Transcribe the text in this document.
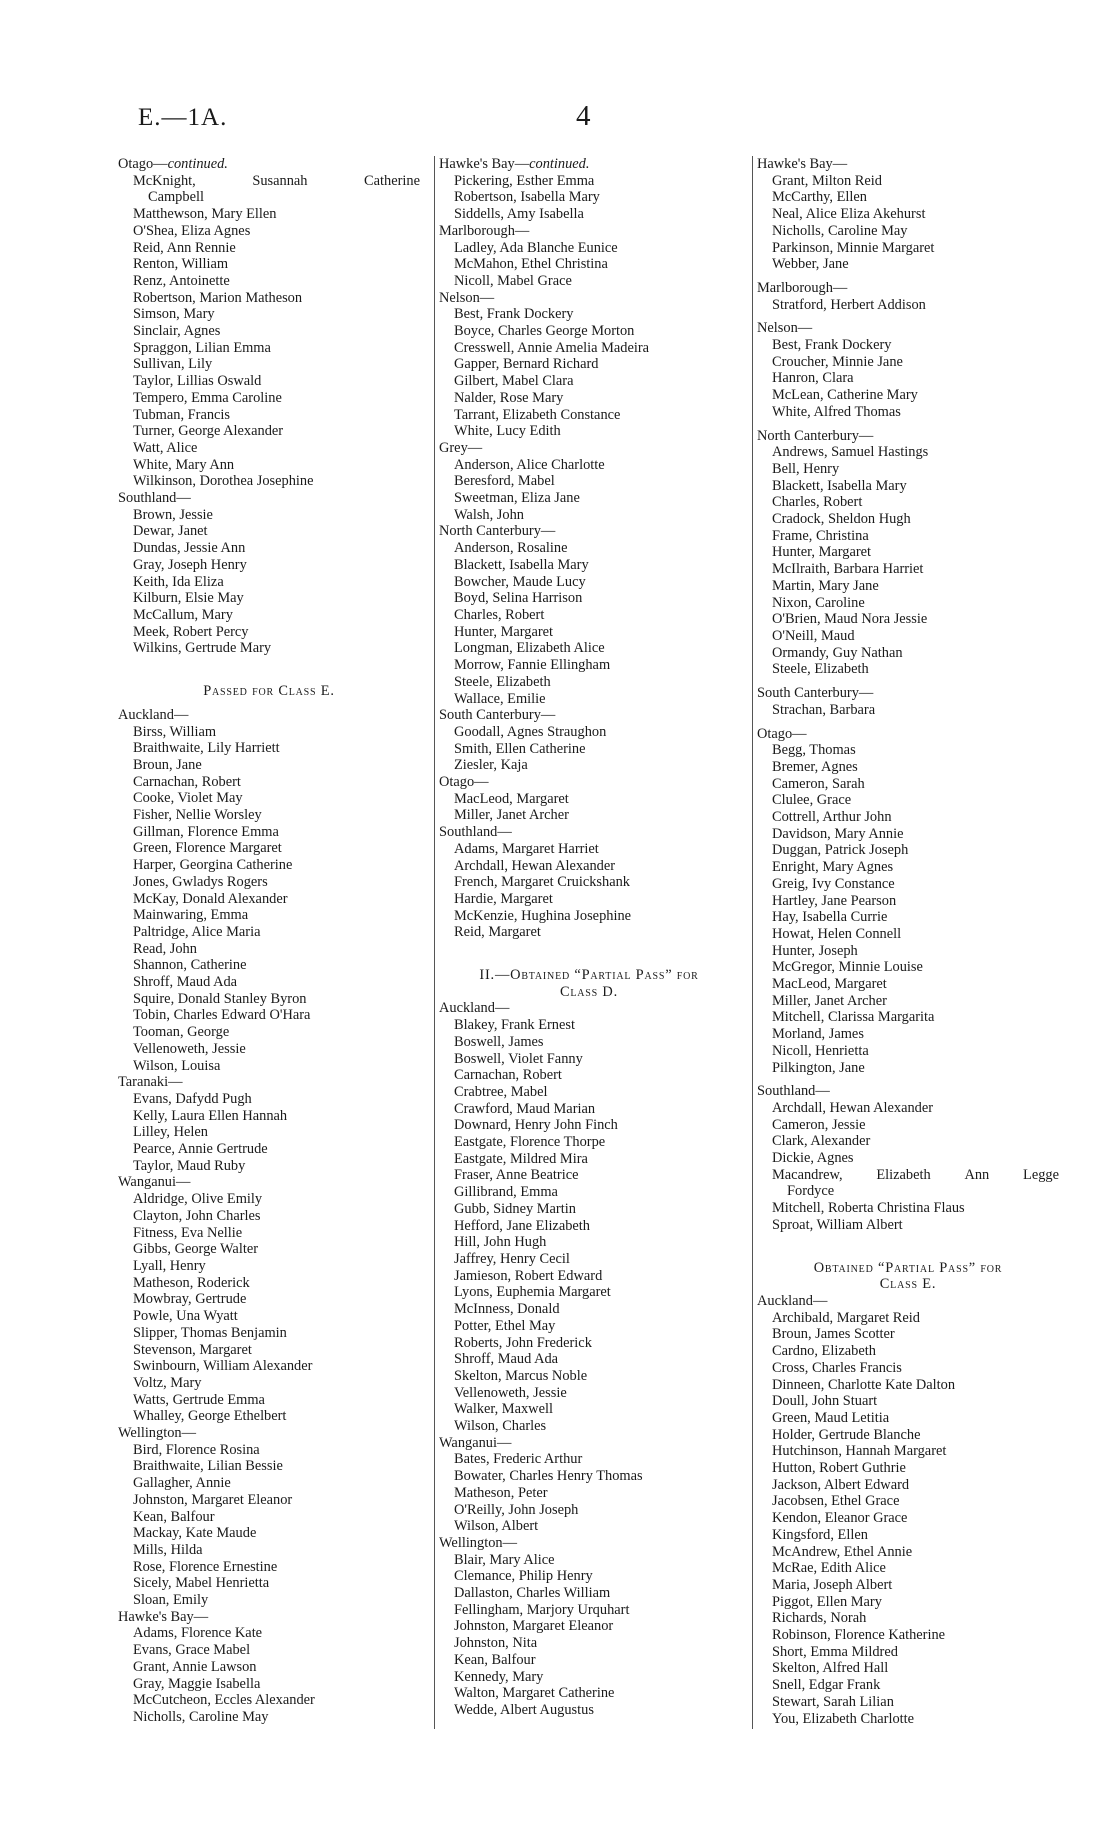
E.—1A.	4
Otago—continued.
McKnight,	Susannah	Catherine
Campbell
Matthewson, Mary Ellen
O'Shea, Eliza Agnes
Reid, Ann Rennie
Renton, William
Renz, Antoinette
Robertson, Marion Matheson
Simson, Mary
Sinclair, Agnes
Spraggon, Lilian Emma
Sullivan, Lily
Taylor, Lillias Oswald
Tempero, Emma Caroline
Tubman, Francis
Turner, George Alexander
Watt, Alice
White, Mary Ann
Wilkinson, Dorothea Josephine
Southland—
Brown, Jessie
Dewar, Janet
Dundas, Jessie Ann
Gray, Joseph Henry
Keith, Ida Eliza
Kilburn, Elsie May
McCallum, Mary
Meek, Robert Percy
Wilkins, Gertrude Mary
Passed for Class E.
Auckland—
Birss, William
Braithwaite, Lily Harriett
Broun, Jane
Carnachan, Robert
Cooke, Violet May
Fisher, Nellie Worsley
Gillman, Florence Emma
Green, Florence Margaret
Harper, Georgina Catherine
Jones, Gwladys Rogers
McKay, Donald Alexander
Mainwaring, Emma
Paltridge, Alice Maria
Read, John
Shannon, Catherine
Shroff, Maud Ada
Squire, Donald Stanley Byron
Tobin, Charles Edward O'Hara
Tooman, George
Vellenoweth, Jessie
Wilson, Louisa
Taranaki—
Evans, Dafydd Pugh
Kelly, Laura Ellen Hannah
Lilley, Helen
Pearce, Annie Gertrude
Taylor, Maud Ruby
Wanganui—
Aldridge, Olive Emily
Clayton, John Charles
Fitness, Eva Nellie
Gibbs, George Walter
Lyall, Henry
Matheson, Roderick
Mowbray, Gertrude
Powle, Una Wyatt
Slipper, Thomas Benjamin
Stevenson, Margaret
Swinbourn, William Alexander
Voltz, Mary
Watts, Gertrude Emma
Whalley, George Ethelbert
Wellington—
Bird, Florence Rosina
Braithwaite, Lilian Bessie
Gallagher, Annie
Johnston, Margaret Eleanor
Kean, Balfour
Mackay, Kate Maude
Mills, Hilda
Rose, Florence Ernestine
Sicely, Mabel Henrietta
Sloan, Emily
Hawke's Bay—
Adams, Florence Kate
Evans, Grace Mabel
Grant, Annie Lawson
Gray, Maggie Isabella
McCutcheon, Eccles Alexander
Nicholls, Caroline May
Hawke's Bay—continued.
Pickering, Esther Emma
Robertson, Isabella Mary
Siddells, Amy Isabella
Marlborough—
Ladley, Ada Blanche Eunice
McMahon, Ethel Christina
Nicoll, Mabel Grace
Nelson—
Best, Frank Dockery
Boyce, Charles George Morton
Cresswell, Annie Amelia Madeira
Gapper, Bernard Richard
Gilbert, Mabel Clara
Nalder, Rose Mary
Tarrant, Elizabeth Constance
White, Lucy Edith
Grey—
Anderson, Alice Charlotte
Beresford, Mabel
Sweetman, Eliza Jane
Walsh, John
North Canterbury—
Anderson, Rosaline
Blackett, Isabella Mary
Bowcher, Maude Lucy
Boyd, Selina Harrison
Charles, Robert
Hunter, Margaret
Longman, Elizabeth Alice
Morrow, Fannie Ellingham
Steele, Elizabeth
Wallace, Emilie
South Canterbury—
Goodall, Agnes Straughon
Smith, Ellen Catherine
Ziesler, Kaja
Otago—
MacLeod, Margaret
Miller, Janet Archer
Southland—
Adams, Margaret Harriet
Archdall, Hewan Alexander
French, Margaret Cruickshank
Hardie, Margaret
McKenzie, Hughina Josephine
Reid, Margaret
II.—Obtained “Partial Pass” for
Class D.
Auckland—
Blakey, Frank Ernest
Boswell, James
Boswell, Violet Fanny
Carnachan, Robert
Crabtree, Mabel
Crawford, Maud Marian
Downard, Henry John Finch
Eastgate, Florence Thorpe
Eastgate, Mildred Mira
Fraser, Anne Beatrice
Gillibrand, Emma
Gubb, Sidney Martin
Hefford, Jane Elizabeth
Hill, John Hugh
Jaffrey, Henry Cecil
Jamieson, Robert Edward
Lyons, Euphemia Margaret
McInness, Donald
Potter, Ethel May
Roberts, John Frederick
Shroff, Maud Ada
Skelton, Marcus Noble
Vellenoweth, Jessie
Walker, Maxwell
Wilson, Charles
Wanganui—
Bates, Frederic Arthur
Bowater, Charles Henry Thomas
Matheson, Peter
O'Reilly, John Joseph
Wilson, Albert
Wellington—
Blair, Mary Alice
Clemance, Philip Henry
Dallaston, Charles William
Fellingham, Marjory Urquhart
Johnston, Margaret Eleanor
Johnston, Nita
Kean, Balfour
Kennedy, Mary
Walton, Margaret Catherine
Wedde, Albert Augustus
Hawke's Bay—
Grant, Milton Reid
McCarthy, Ellen
Neal, Alice Eliza Akehurst
Nicholls, Caroline May
Parkinson, Minnie Margaret
Webber, Jane
Marlborough—
Stratford, Herbert Addison
Nelson—
Best, Frank Dockery
Croucher, Minnie Jane
Hanron, Clara
McLean, Catherine Mary
White, Alfred Thomas
North Canterbury—
Andrews, Samuel Hastings
Bell, Henry
Blackett, Isabella Mary
Charles, Robert
Cradock, Sheldon Hugh
Frame, Christina
Hunter, Margaret
McIlraith, Barbara Harriet
Martin, Mary Jane
Nixon, Caroline
O'Brien, Maud Nora Jessie
O'Neill, Maud
Ormandy, Guy Nathan
Steele, Elizabeth
South Canterbury—
Strachan, Barbara
Otago—
Begg, Thomas
Bremer, Agnes
Cameron, Sarah
Clulee, Grace
Cottrell, Arthur John
Davidson, Mary Annie
Duggan, Patrick Joseph
Enright, Mary Agnes
Greig, Ivy Constance
Hartley, Jane Pearson
Hay, Isabella Currie
Howat, Helen Connell
Hunter, Joseph
McGregor, Minnie Louise
MacLeod, Margaret
Miller, Janet Archer
Mitchell, Clarissa Margarita
Morland, James
Nicoll, Henrietta
Pilkington, Jane
Southland—
Archdall, Hewan Alexander
Cameron, Jessie
Clark, Alexander
Dickie, Agnes
Macandrew, Elizabeth Ann Legge
Fordyce
Mitchell, Roberta Christina Flaus
Sproat, William Albert
Obtained “Partial Pass” for
Class E.
Auckland—
Archibald, Margaret Reid
Broun, James Scotter
Cardno, Elizabeth
Cross, Charles Francis
Dinneen, Charlotte Kate Dalton
Doull, John Stuart
Green, Maud Letitia
Holder, Gertrude Blanche
Hutchinson, Hannah Margaret
Hutton, Robert Guthrie
Jackson, Albert Edward
Jacobsen, Ethel Grace
Kendon, Eleanor Grace
Kingsford, Ellen
McAndrew, Ethel Annie
McRae, Edith Alice
Maria, Joseph Albert
Piggot, Ellen Mary
Richards, Norah
Robinson, Florence Katherine
Short, Emma Mildred
Skelton, Alfred Hall
Snell, Edgar Frank
Stewart, Sarah Lilian
You, Elizabeth Charlotte
